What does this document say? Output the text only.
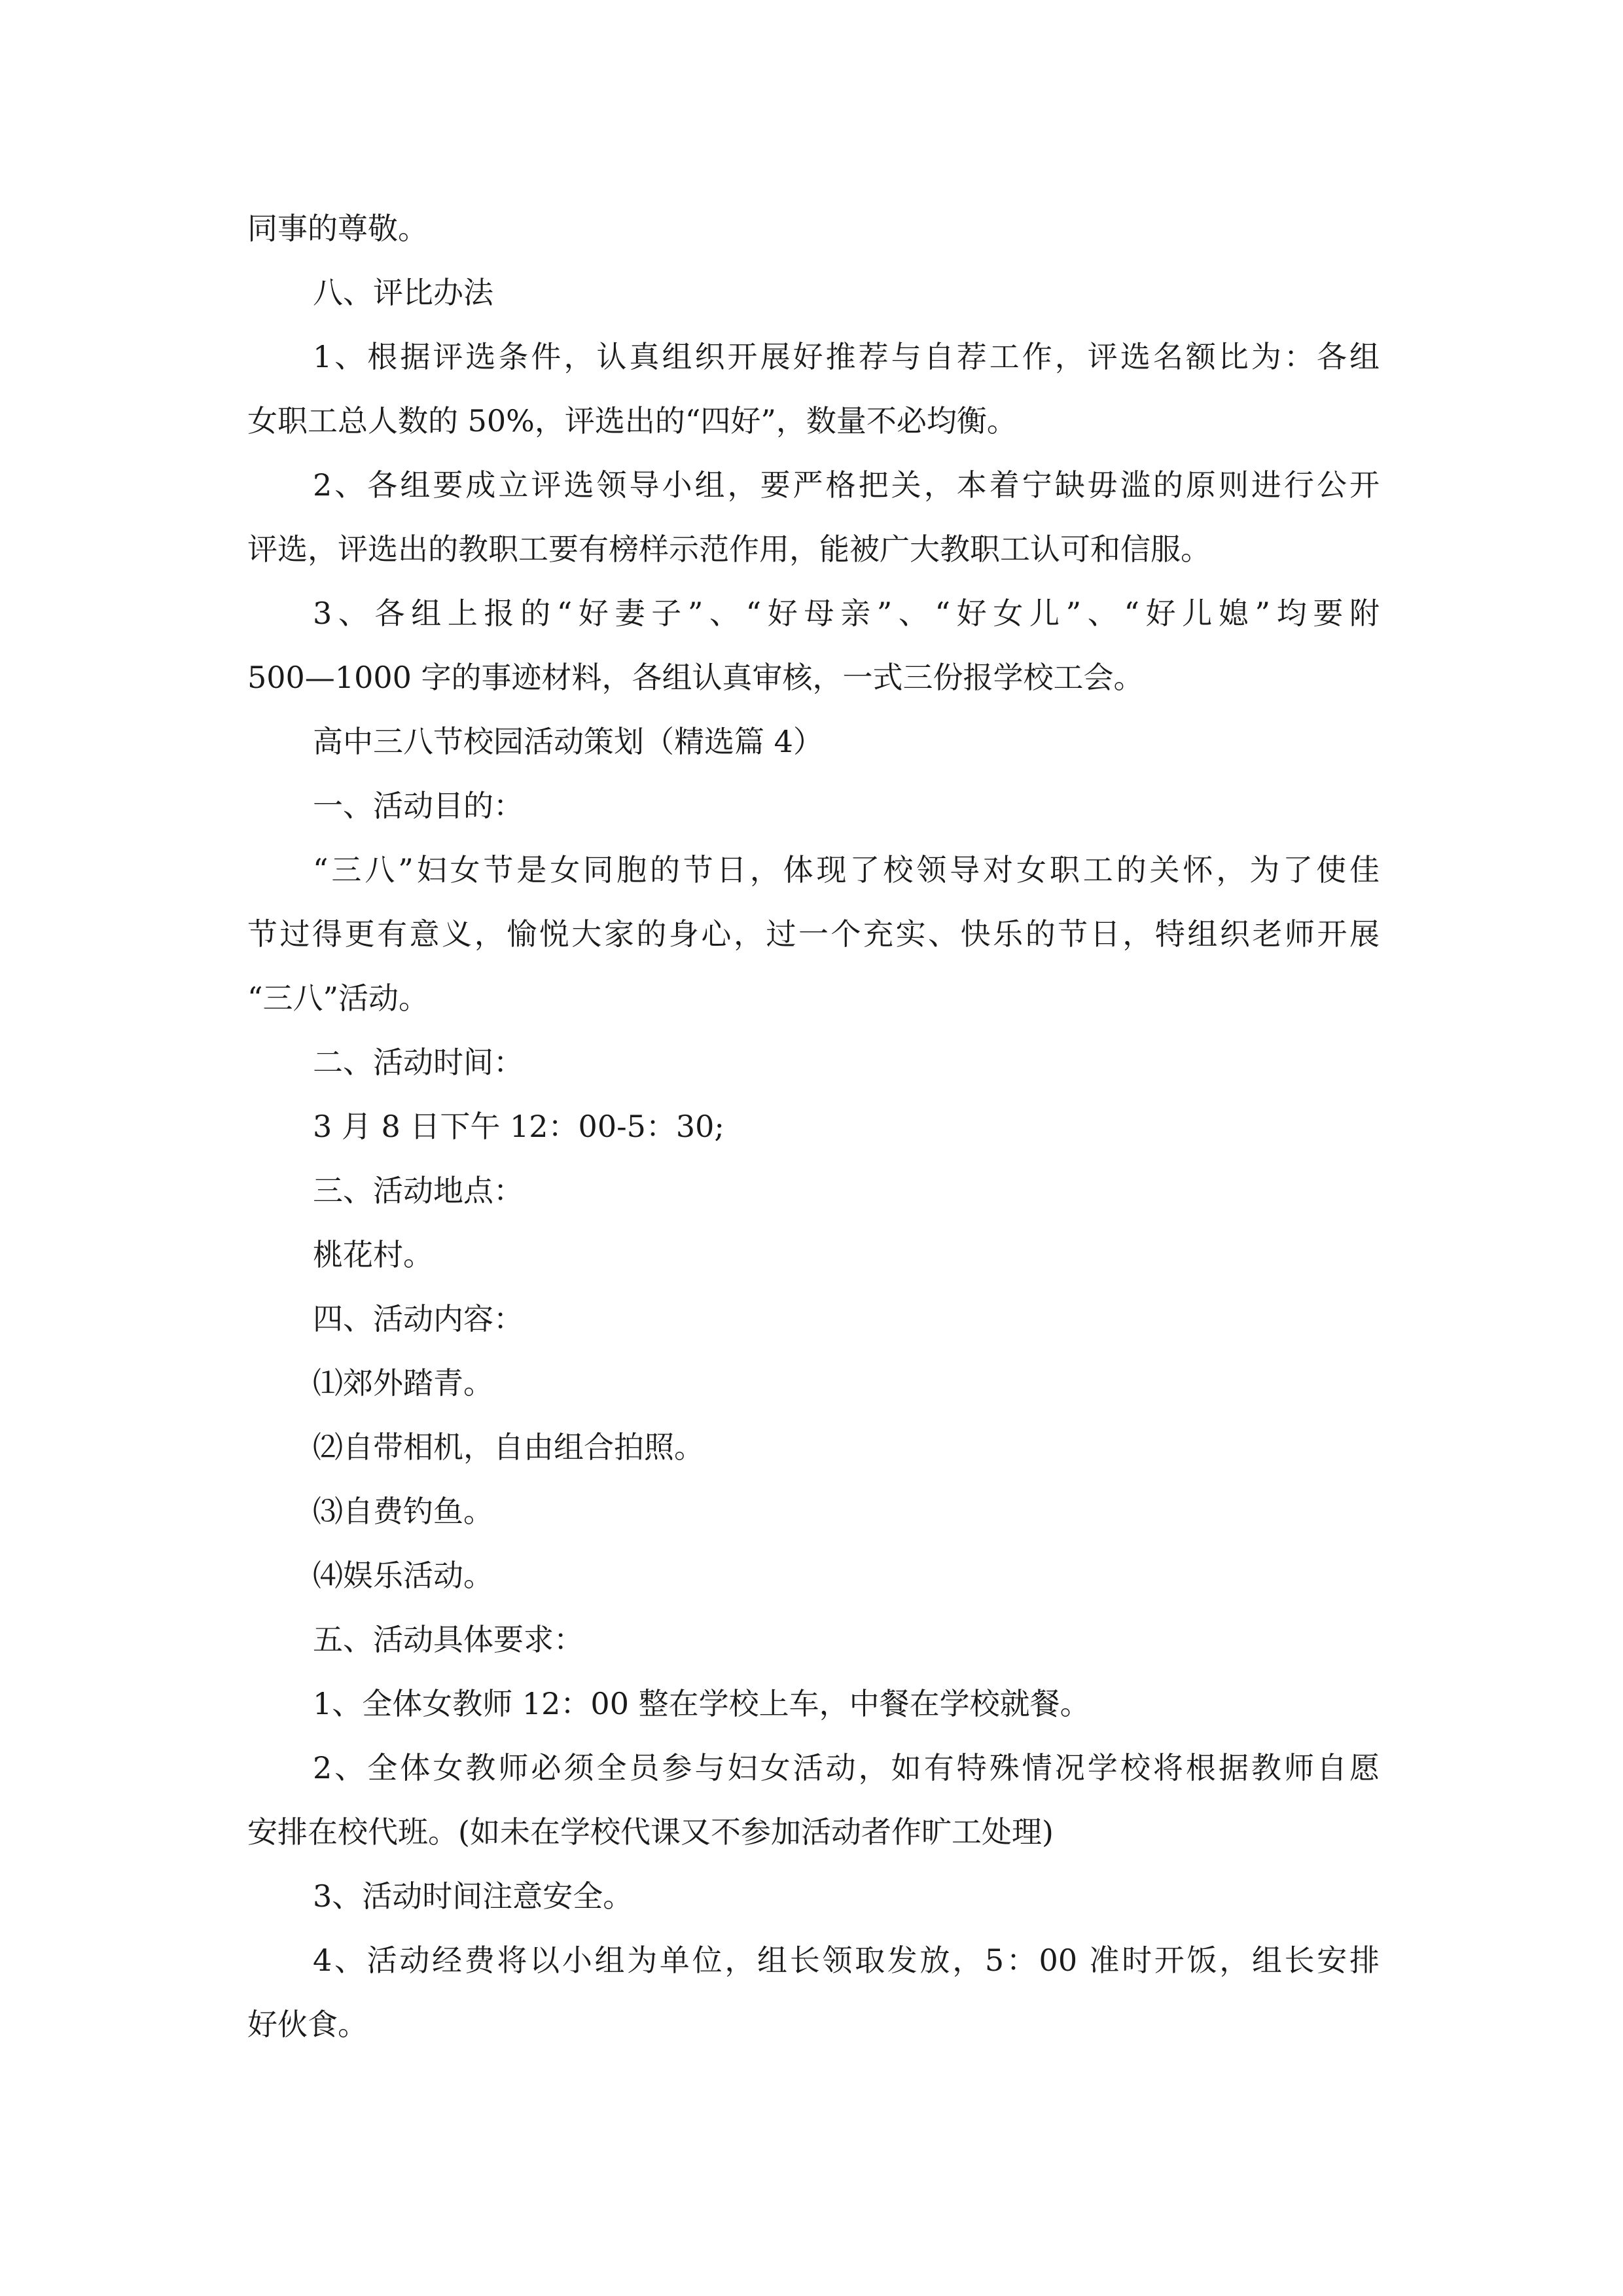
同事的尊敬。
八、评比办法
1、根据评选条件，认真组织开展好推荐与自荐工作，评选名额比为：各组
女职工总人数的 50%，评选出的“四好”，数量不必均衡。
2、各组要成立评选领导小组，要严格把关，本着宁缺毋滥的原则进行公开
评选，评选出的教职工要有榜样示范作用，能被广大教职工认可和信服。
3、各组上报的“好妻子”、“好母亲”、“好女儿”、“好儿媳”均要附
500—1000 字的事迹材料，各组认真审核，一式三份报学校工会。
高中三八节校园活动策划（精选篇 4）
一、活动目的：
“三八”妇女节是女同胞的节日，体现了校领导对女职工的关怀，为了使佳
节过得更有意义，愉悦大家的身心，过一个充实、快乐的节日，特组织老师开展
“三八”活动。
二、活动时间：
3 月 8 日下午 12：00-5：30;
三、活动地点：
桃花村。
四、活动内容：
⑴郊外踏青。
⑵自带相机，自由组合拍照。
⑶自费钓鱼。
⑷娱乐活动。
五、活动具体要求：
1、全体女教师 12：00 整在学校上车，中餐在学校就餐。
2、全体女教师必须全员参与妇女活动，如有特殊情况学校将根据教师自愿
安排在校代班。(如未在学校代课又不参加活动者作旷工处理)
3、活动时间注意安全。
4、活动经费将以小组为单位，组长领取发放，5：00 准时开饭，组长安排
好伙食。
